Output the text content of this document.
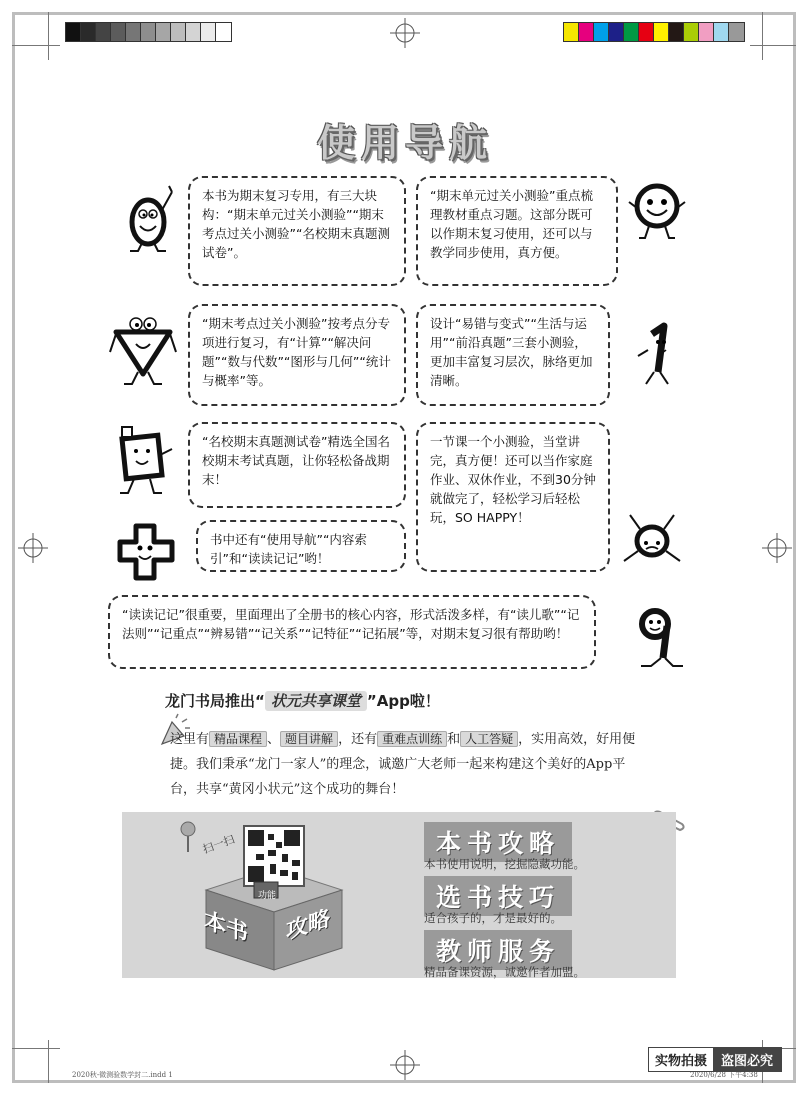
使用导航
本书为期末复习专用，有三大块构：“期末单元过关小测验”“期末考点过关小测验”“名校期末真题测试卷”。
“期末单元过关小测验”重点梳理教材重点习题。这部分既可以作期末复习使用，还可以与教学同步使用，真方便。
“期末考点过关小测验”按考点分专项进行复习，有“计算”“解决问题”“数与代数”“图形与几何”“统计与概率”等。
设计“易错与变式”“生活与运用”“前沿真题”三套小测验，更加丰富复习层次，脉络更加清晰。
“名校期末真题测试卷”精选全国名校期末考试真题，让你轻松备战期末！
书中还有“使用导航”“内容索引”和“读读记记”哟！
一节课一个小测验，当堂讲完，真方便！还可以当作家庭作业、双休作业，不到30分钟就做完了，轻松学习后轻松玩，SO HAPPY！
“读读记记”很重要，里面理出了全册书的核心内容，形式活泼多样，有“读儿歌”“记法则”“记重点”“辨易错”“记关系”“记特征”“记拓展”等，对期末复习很有帮助哟！
龙门书局推出“ 状元共享课堂 ”App啦！
这里有 精品课程 、 题目讲解 ，还有 重难点训练 和 人工答疑 ，实用高效，好用便捷。我们秉承“龙门一家人”的理念，诚邀广大老师一起来构建这个美好的App平台，共享“黄冈小状元”这个成功的舞台！
扫一扫
功能
本书 攻略
本书攻略
本书使用说明，挖掘隐藏功能。
选书技巧
适合孩子的，才是最好的。
教师服务
精品备课资源，诚邀作者加盟。
2020秋-微测验数学封二.indd 1	2020/6/28 下午4:38
实物拍摄	盗图必究
